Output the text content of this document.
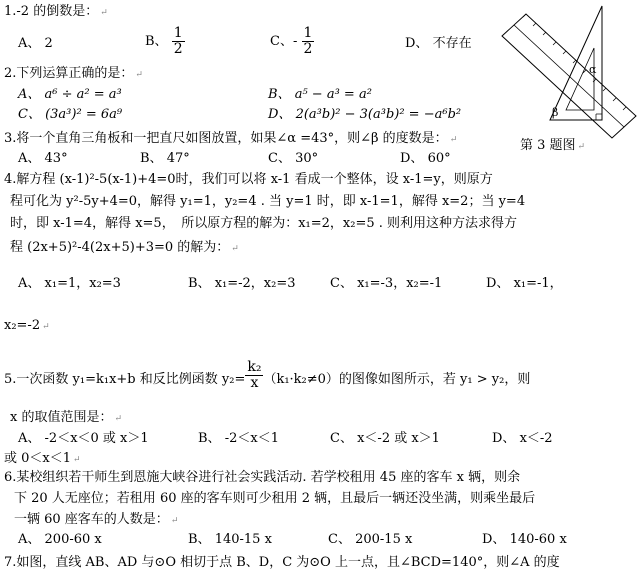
1.-2 的倒数是： ↵
A、 2	B、 $\frac{1}{2}$	C、- $\frac{1}{2}$	D、 不存在
2.下列运算正确的是： ↵
A、 a⁶ ÷ a² = a³	B、 a⁵ − a³ = a²
C、 (3a³)² = 6a⁹	D、 2(a³b)² − 3(a³b)² = −a⁶b²
3.将一个直角三角板和一把直尺如图放置，如果∠α =43°，则∠β 的度数是： ↵
A、 43°	B、 47°	C、 30°	D、 60°
α
β
第 3 题图 ↵
4.解方程 (x-1)²-5(x-1)+4=0时，我们可以将 x-1 看成一个整体，设 x-1=y，则原方
程可化为 y²-5y+4=0，解得 y₁=1，y₂=4 . 当 y=1 时，即 x-1=1，解得 x=2；当 y=4
时，即 x-1=4，解得 x=5，　所以原方程的解为：x₁=2，x₂=5 . 则利用这种方法求得方
程 (2x+5)²-4(2x+5)+3=0 的解为： ↵
A、 x₁=1，x₂=3	B、 x₁=-2，x₂=3	C、 x₁=-3，x₂=-1	D、 x₁=-1，
x₂=-2 ↵
5.一次函数 y₁=k₁x+b 和反比例函数 $y_2= \frac{\text{k₂}}{x} (k_1\cdot k_2\ne 0)$的图像如图所示，若 y₁ > y₂，则
x 的取值范围是： ↵
A、 -2＜x＜0 或 x＞1	B、 -2＜x＜1	C、 x＜-2 或 x＞1	D、 x＜-2
或 0＜x＜1 ↵
6.某校组织若干师生到恩施大峡谷进行社会实践活动. 若学校租用 45 座的客车 x 辆，则余
下 20 人无座位；若租用 60 座的客车则可少租用 2 辆，且最后一辆还没坐满，则乘坐最后
一辆 60 座客车的人数是： ↵
A、 200-60 x	B、 140-15 x	C、 200-15 x	D、 140-60 x
7.如图，直线 AB、AD 与⊙O 相切于点 B、D，C 为⊙O 上一点，且∠BCD=140°，则∠A 的度
